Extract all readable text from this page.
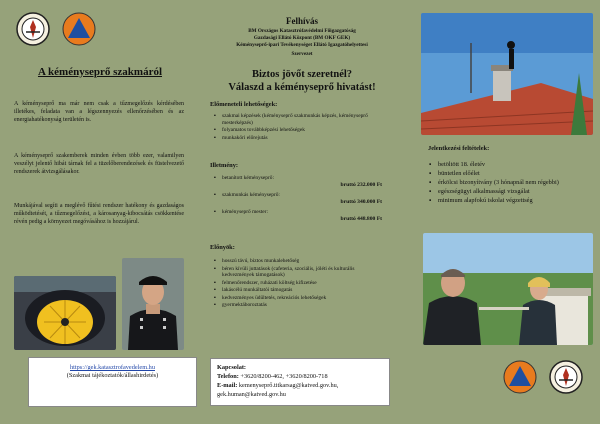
A kéményseprő szakmáról
A kéményseprő ma már nem csak a tűzmegelőzés kérdésében illetékes, feladata van a légszennyezés ellenőrzésében és az energiahatékonyság területén is.
A kéményseprő szakemberek minden évben több ezer, valamilyen veszélyt jelentő hibát tárnak fel a tüzelőberendezések és füstelvezető rendszerek átvizsgálásakor.
Munkájával segíti a meglévő fűtési rendszer hatékony és gazdaságos működtetését, a tűzmegelőzést, a károsanyag-kibocsátás csökkentése révén pedig a környezet megóvásához is hozzájárul.
https://gek.katasztrofavedelem.hu
(Szakmai tájékoztatók/állashirdetés)
Felhívás
BM Országos Katasztrófavédelmi Főigazgatóság
Gazdasági Ellátó Központ (BM OKF GEK)
Kéményseprő-ipari Tevékenységet Ellátó Igazgatóhelyettesi
Szervezet
Biztos jövőt szeretnél?
Válaszd a kéményseprő hivatást!
Előmeneteli lehetőségek:
▪ szakmai képzések (kéményseprő szakmunkás képzés, kéményseprő mesterképzés)
▪ folyamatos továbbképzési lehetőségek
▪ munkaköri előrejutás
Illetmény:
▪ betanított kéményseprő:
bruttó 232.000 Ft
▪ szakmunkás kéményseprő:
bruttó 340.000 Ft
▪ kéményseprő mester:
bruttó 448.800 Ft
Előnyök:
▪ hosszú távú, biztos munkalehetőség
▪ béren kívüli juttatások (cafeteria, szociális, jóléti és kulturális kedvezmények támogatások)
▪ felmenőrendszer, ruházati költség kifizetése
▪ lakáscélú munkáltatói támogatás
▪ kedvezményes üdültetés, rekreációs lehetőségek
▪ gyermektáboroztatás
Kapcsolat:
Telefon: +3620/8200-462, +3620/8200-718
E-mail: kemenyseprő.titkarsag@katved.gov.hu,
gek.human@katved.gov.hu
Jelentkezési feltételek:
▪ betöltött 18. életév
▪ büntetlen előélet
▪ érkölcsi bizonyítvány (3 hónapnál nem régebbi)
▪ egészségügyi alkalmassági vizsgálat
▪ minimum alapfokú iskolai végzettség
